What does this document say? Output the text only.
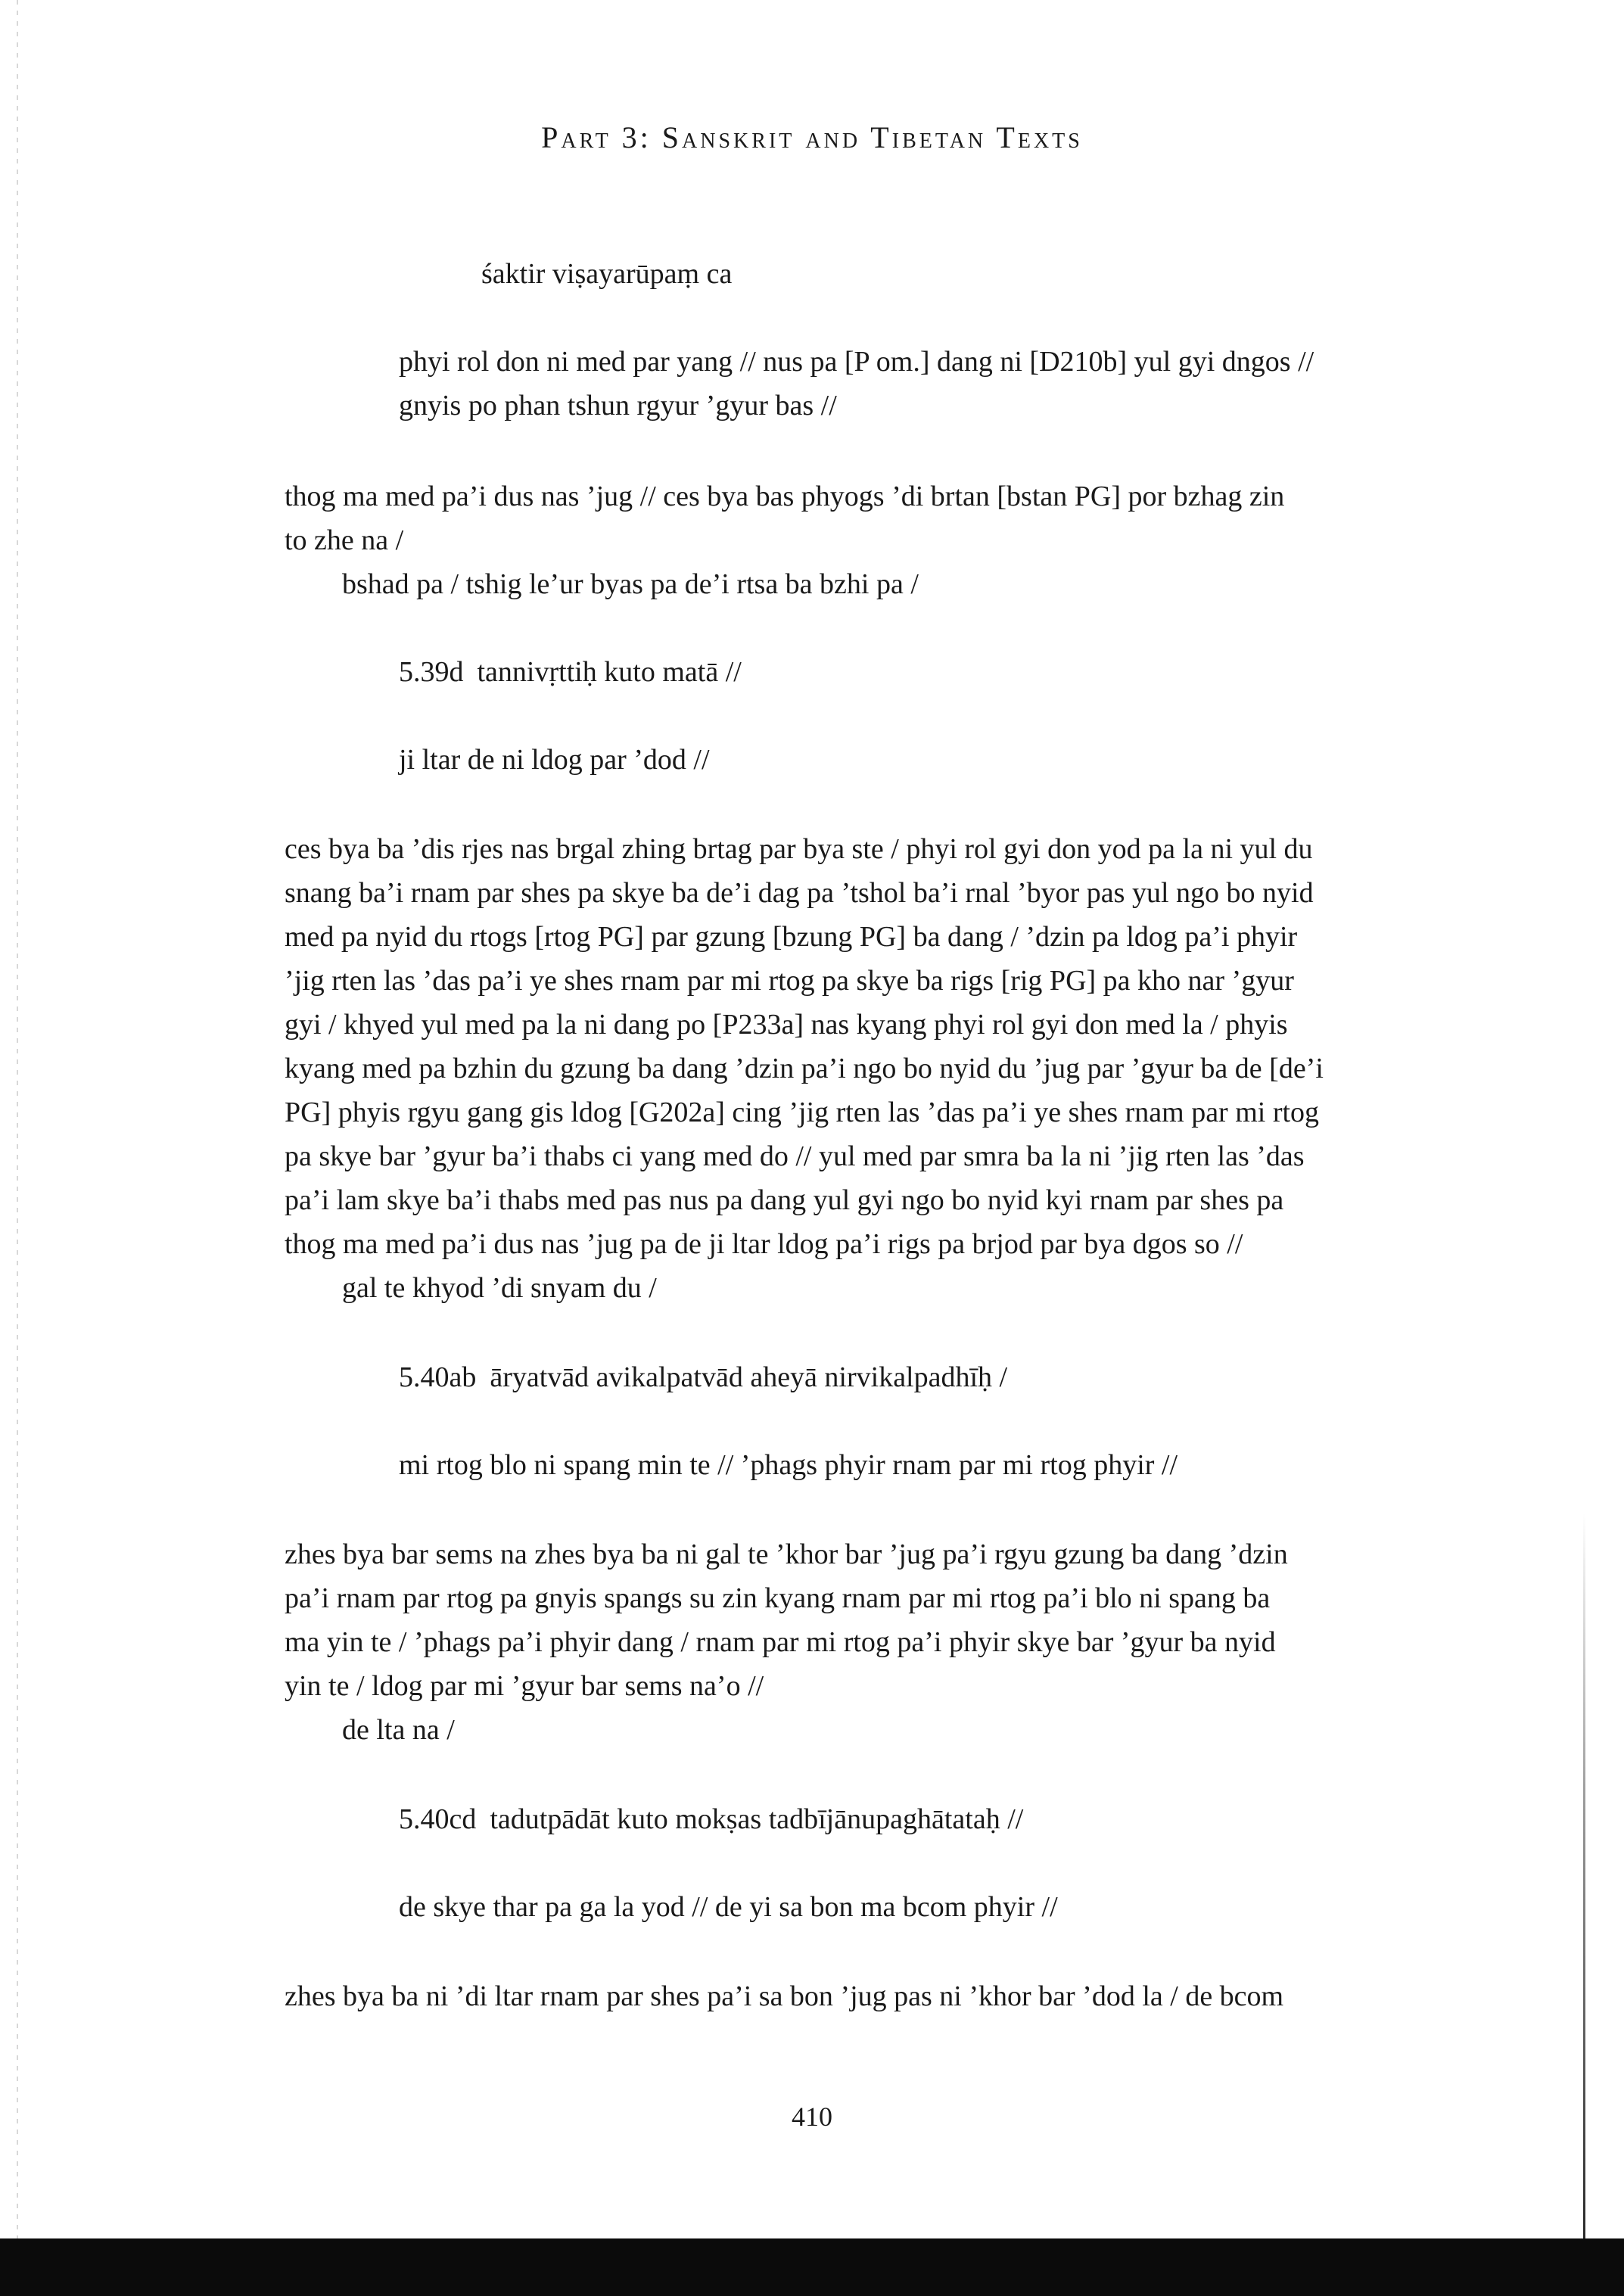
Part 3: Sanskrit and Tibetan Texts
śaktir viṣayarūpaṃ ca
phyi rol don ni med par yang // nus pa [P om.] dang ni [D210b] yul gyi dngos //
gnyis po phan tshun rgyur ’gyur bas //
thog ma med pa’i dus nas ’jug // ces bya bas phyogs ’di brtan [bstan PG] por bzhag zin
to zhe na /
bshad pa / tshig le’ur byas pa de’i rtsa ba bzhi pa /
5.39d tannivṛttiḥ kuto matā //
ji ltar de ni ldog par ’dod //
ces bya ba ’dis rjes nas brgal zhing brtag par bya ste / phyi rol gyi don yod pa la ni yul du
snang ba’i rnam par shes pa skye ba de’i dag pa ’tshol ba’i rnal ’byor pas yul ngo bo nyid
med pa nyid du rtogs [rtog PG] par gzung [bzung PG] ba dang / ’dzin pa ldog pa’i phyir
’jig rten las ’das pa’i ye shes rnam par mi rtog pa skye ba rigs [rig PG] pa kho nar ’gyur
gyi / khyed yul med pa la ni dang po [P233a] nas kyang phyi rol gyi don med la / phyis
kyang med pa bzhin du gzung ba dang ’dzin pa’i ngo bo nyid du ’jug par ’gyur ba de [de’i
PG] phyis rgyu gang gis ldog [G202a] cing ’jig rten las ’das pa’i ye shes rnam par mi rtog
pa skye bar ’gyur ba’i thabs ci yang med do // yul med par smra ba la ni ’jig rten las ’das
pa’i lam skye ba’i thabs med pas nus pa dang yul gyi ngo bo nyid kyi rnam par shes pa
thog ma med pa’i dus nas ’jug pa de ji ltar ldog pa’i rigs pa brjod par bya dgos so //
gal te khyod ’di snyam du /
5.40ab āryatvād avikalpatvād aheyā nirvikalpadhīḥ /
mi rtog blo ni spang min te // ’phags phyir rnam par mi rtog phyir //
zhes bya bar sems na zhes bya ba ni gal te ’khor bar ’jug pa’i rgyu gzung ba dang ’dzin
pa’i rnam par rtog pa gnyis spangs su zin kyang rnam par mi rtog pa’i blo ni spang ba
ma yin te / ’phags pa’i phyir dang / rnam par mi rtog pa’i phyir skye bar ’gyur ba nyid
yin te / ldog par mi ’gyur bar sems na’o //
de lta na /
5.40cd tadutpādāt kuto mokṣas tadbījānupaghātataḥ //
de skye thar pa ga la yod // de yi sa bon ma bcom phyir //
zhes bya ba ni ’di ltar rnam par shes pa’i sa bon ’jug pas ni ’khor bar ’dod la / de bcom
410
